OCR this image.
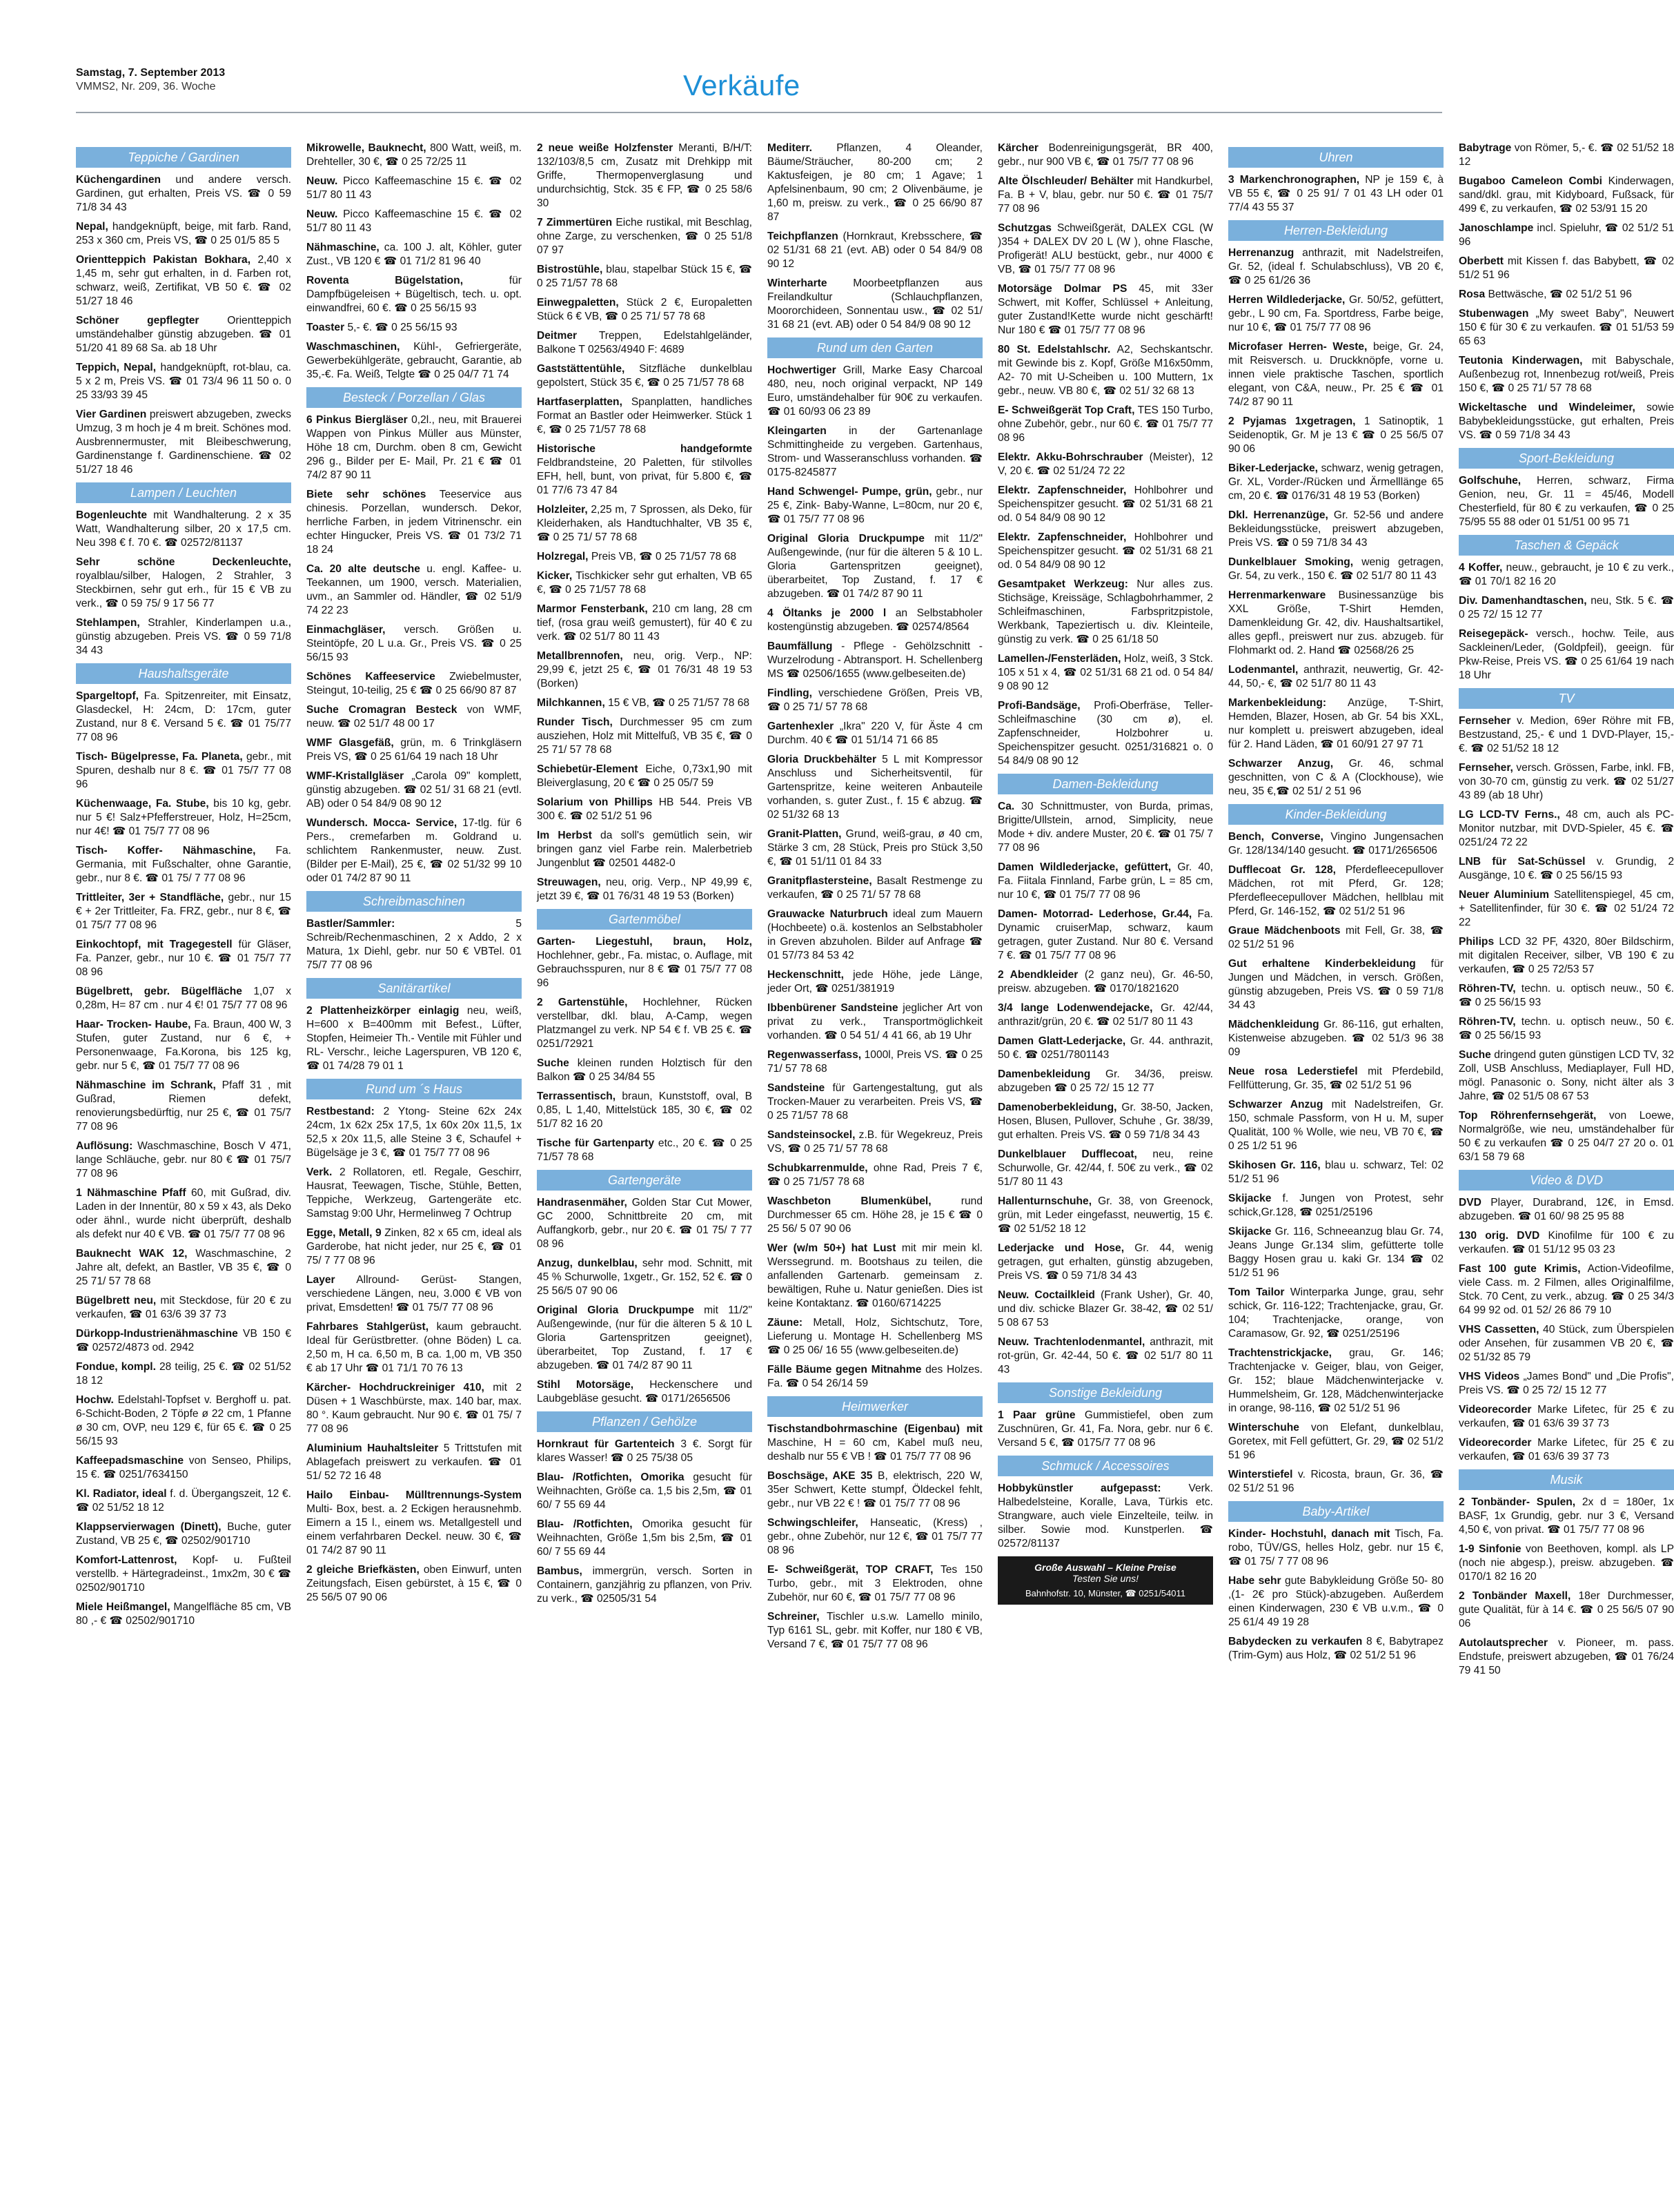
Samstag, 7. September 2013
VMMS2, Nr. 209, 36. Woche	Verkäufe
Teppiche / Gardinen
Küchengardinen und andere versch. Gardinen, gut erhalten, Preis VS. ☎ 0 59 71/8 34 43
Nepal, handgeknüpft, beige, mit farb. Rand, 253 x 360 cm, Preis VS, ☎ 0 25 01/5 85 5
Orientteppich Pakistan Bokhara, 2,40 x 1,45 m, sehr gut erhalten, in d. Farben rot, schwarz, weiß, Zertifikat, VB 50 €. ☎ 02 51/27 18 46
Schöner gepflegter Orientteppich umständehalber günstig abzugeben. ☎ 01 51/20 41 89 68 Sa. ab 18 Uhr
Teppich, Nepal, handgeknüpft, rot-blau, ca. 5 x 2 m, Preis VS. ☎ 01 73/4 96 11 50 o. 0 25 33/93 39 45
Vier Gardinen preiswert abzugeben, zwecks Umzug, 3 m hoch je 4 m breit. Schönes mod. Ausbrennermuster, mit Bleibeschwerung, Gardinenstange f. Gardinenschiene. ☎ 02 51/27 18 46
Lampen / Leuchten
Bogenleuchte mit Wandhalterung. 2 x 35 Watt, Wandhalterung silber, 20 x 17,5 cm. Neu 398 € f. 70 €. ☎ 02572/81137
Sehr schöne Deckenleuchte, royalblau/silber, Halogen, 2 Strahler, 3 Steckbirnen, sehr gut erh., für 15 € VB zu verk., ☎ 0 59 75/ 9 17 56 77
Stehlampen, Strahler, Kinderlampen u.a., günstig abzugeben. Preis VS. ☎ 0 59 71/8 34 43
Haushaltsgeräte
Spargeltopf, Fa. Spitzenreiter, mit Einsatz, Glasdeckel, H: 24cm, D: 17cm, guter Zustand, nur 8 €. Versand 5 €. ☎ 01 75/77 77 08 96
Tisch- Bügelpresse, Fa. Planeta, gebr., mit Spuren, deshalb nur 8 €. ☎ 01 75/7 77 08 96
Küchenwaage, Fa. Stube, bis 10 kg, gebr. nur 5 €! Salz+Pfefferstreuer, Holz, H=25cm, nur 4€! ☎ 01 75/7 77 08 96
Tisch- Koffer- Nähmaschine, Fa. Germania, mit Fußschalter, ohne Garantie, gebr., nur 8 €. ☎ 01 75/ 7 77 08 96
Trittleiter, 3er + Standfläche, gebr., nur 15 € + 2er Trittleiter, Fa. FRZ, gebr., nur 8 €, ☎ 01 75/7 77 08 96
Einkochtopf, mit Tragegestell für Gläser, Fa. Panzer, gebr., nur 10 €. ☎ 01 75/7 77 08 96
Bügelbrett, gebr. Bügelfläche 1,07 x 0,28m, H= 87 cm . nur 4 €! 01 75/7 77 08 96
Haar- Trocken- Haube, Fa. Braun, 400 W, 3 Stufen, guter Zustand, nur 6 €, + Personenwaage, Fa.Korona, bis 125 kg, gebr. nur 5 €, ☎ 01 75/7 77 08 96
Nähmaschine im Schrank, Pfaff 31 , mit Gußrad, Riemen defekt, renovierungsbedürftig, nur 25 €, ☎ 01 75/7 77 08 96
Auflösung: Waschmaschine, Bosch V 471, lange Schläuche, gebr. nur 80 € ☎ 01 75/7 77 08 96
1 Nähmaschine Pfaff 60, mit Gußrad, div. Laden in der Innentür, 80 x 59 x 43, als Deko oder ähnl., wurde nicht überprüft, deshalb als defekt nur 40 € VB. ☎ 01 75/7 77 08 96
Bauknecht WAK 12, Waschmaschine, 2 Jahre alt, defekt, an Bastler, VB 35 €, ☎ 0 25 71/ 57 78 68
Bügelbrett neu, mit Steckdose, für 20 € zu verkaufen, ☎ 01 63/6 39 37 73
Dürkopp-Industrienähmaschine VB 150 € ☎ 02572/4873 od. 2942
Fondue, kompl. 28 teilig, 25 €. ☎ 02 51/52 18 12
Hochw. Edelstahl-Topfset v. Berghoff u. pat. 6-Schicht-Boden, 2 Töpfe ø 22 cm, 1 Pfanne ø 30 cm, OVP, neu 129 €, für 65 €. ☎ 0 25 56/15 93
Kaffeepadsmaschine von Senseo, Philips, 15 €. ☎ 0251/7634150
Kl. Radiator, ideal f. d. Übergangszeit, 12 €. ☎ 02 51/52 18 12
Klappservierwagen (Dinett), Buche, guter Zustand, VB 25 €, ☎ 02502/901710
Komfort-Lattenrost, Kopf- u. Fußteil verstellb. + Härtegradeinst., 1mx2m, 30 € ☎ 02502/901710
Miele Heißmangel, Mangelfläche 85 cm, VB 80 ,- € ☎ 02502/901710
Mikrowelle, Bauknecht, 800 Watt, weiß, m. Drehteller, 30 €, ☎ 0 25 72/25 11
Neuw. Picco Kaffeemaschine 15 €. ☎ 02 51/7 80 11 43
Neuw. Picco Kaffeemaschine 15 €. ☎ 02 51/7 80 11 43
Nähmaschine, ca. 100 J. alt, Köhler, guter Zust., VB 120 € ☎ 01 71/2 81 96 40
Roventa Bügelstation, für Dampfbügeleisen + Bügeltisch, tech. u. opt. einwandfrei, 60 €. ☎ 0 25 56/15 93
Toaster 5,- €. ☎ 0 25 56/15 93
Waschmaschinen, Kühl-, Gefriergeräte, Gewerbekühlgeräte, gebraucht, Garantie, ab 35,-€. Fa. Weiß, Telgte ☎ 0 25 04/7 71 74
Besteck / Porzellan / Glas
6 Pinkus Biergläser 0,2l., neu, mit Brauerei Wappen von Pinkus Müller aus Münster, Höhe 18 cm, Durchm. oben 8 cm, Gewicht 296 g., Bilder per E- Mail, Pr. 21 € ☎ 01 74/2 87 90 11
Biete sehr schönes Teeservice aus chinesis. Porzellan, wundersch. Dekor, herrliche Farben, in jedem Vitrinenschr. ein echter Hingucker, Preis VS. ☎ 01 73/2 71 18 24
Ca. 20 alte deutsche u. engl. Kaffee- u. Teekannen, um 1900, versch. Materialien, uvm., an Sammler od. Händler, ☎ 02 51/9 74 22 23
Einmachgläser, versch. Größen u. Steintöpfe, 20 L u.a. Gr., Preis VS. ☎ 0 25 56/15 93
Schönes Kaffeeservice Zwiebelmuster, Steingut, 10-teilig, 25 € ☎ 0 25 66/90 87 87
Suche Cromagran Besteck von WMF, neuw. ☎ 02 51/7 48 00 17
WMF Glasgefäß, grün, m. 6 Trinkgläsern Preis VS, ☎ 0 25 61/64 19 nach 18 Uhr
WMF-Kristallgläser „Carola 09" komplett, günstig abzugeben. ☎ 02 51/ 31 68 21 (evtl. AB) oder 0 54 84/9 08 90 12
Wundersch. Mocca- Service, 17-tlg. für 6 Pers., cremefarben m. Goldrand u. schlichtem Rankenmuster, neuw. Zust. (Bilder per E-Mail), 25 €, ☎ 02 51/32 99 10 oder 01 74/2 87 90 11
Schreibmaschinen
Bastler/Sammler: 5 Schreib/Rechenmaschinen, 2 x Addo, 2 x Matura, 1x Diehl, gebr. nur 50 € VBTel. 01 75/7 77 08 96
Sanitärartikel
2 Plattenheizkörper einlagig neu, weiß, H=600 x B=400mm mit Befest., Lüfter, Stopfen, Heimeier Th.- Ventile mit Fühler und RL- Verschr., leiche Lagerspuren, VB 120 €, ☎ 01 74/28 79 01 1
Rund um ´s Haus
Restbestand: 2 Ytong- Steine 62x 24x 24cm, 1x 62x 25x 17,5, 1x 60x 20x 11,5, 1x 52,5 x 20x 11,5, alle Steine 3 €, Schaufel + Bügelsäge je 3 €, ☎ 01 75/7 77 08 96
Verk. 2 Rollatoren, etl. Regale, Geschirr, Hausrat, Teewagen, Tische, Stühle, Betten, Teppiche, Werkzeug, Gartengeräte etc. Samstag 9:00 Uhr, Hermelinweg 7 Ochtrup
Egge, Metall, 9 Zinken, 82 x 65 cm, ideal als Garderobe, hat nicht jeder, nur 25 €, ☎ 01 75/ 7 77 08 96
Layer Allround- Gerüst- Stangen, verschiedene Längen, neu, 3.000 € VB von privat, Emsdetten! ☎ 01 75/7 77 08 96
Fahrbares Stahlgerüst, kaum gebraucht. Ideal für Gerüstbretter. (ohne Böden) L ca. 2,50 m, H ca. 6,50 m, B ca. 1,00 m, VB 350 € ab 17 Uhr ☎ 01 71/1 70 76 13
Kärcher- Hochdruckreiniger 410, mit 2 Düsen + 1 Waschbürste, max. 140 bar, max. 80 °. Kaum gebraucht. Nur 90 €. ☎ 01 75/ 7 77 08 96
Aluminium Hauhaltsleiter 5 Trittstufen mit Ablagefach preiswert zu verkaufen. ☎ 01 51/ 52 72 16 48
Hailo Einbau- Mülltrennungs-System Multi- Box, best. a. 2 Eckigen herausnehmb. Eimern a 15 l., einem ws. Metallgestell und einem verfahrbaren Deckel. neuw. 30 €, ☎ 01 74/2 87 90 11
2 gleiche Briefkästen, oben Einwurf, unten Zeitungsfach, Eisen gebürstet, à 15 €, ☎ 0 25 56/5 07 90 06
2 neue weiße Holzfenster Meranti, B/H/T: 132/103/8,5 cm, Zusatz mit Drehkipp mit Griffe, Thermopenverglasung und undurchsichtig, Stck. 35 € FP, ☎ 0 25 58/6 30
7 Zimmertüren Eiche rustikal, mit Beschlag, ohne Zarge, zu verschenken, ☎ 0 25 51/8 07 97
Bistrostühle, blau, stapelbar Stück 15 €, ☎ 0 25 71/57 78 68
Einwegpaletten, Stück 2 €, Europaletten Stück 6 € VB, ☎ 0 25 71/ 57 78 68
Deitmer Treppen, Edelstahlgeländer, Balkone T 02563/4940 F: 4689
Gaststättentühle, Sitzfläche dunkelblau gepolstert, Stück 35 €, ☎ 0 25 71/57 78 68
Hartfaserplatten, Spanplatten, handliches Format an Bastler oder Heimwerker. Stück 1 €, ☎ 0 25 71/57 78 68
Historische handgeformte Feldbrandsteine, 20 Paletten, für stilvolles EFH, hell, bunt, von privat, für 5.800 €, ☎ 01 77/6 73 47 84
Holzleiter, 2,25 m, 7 Sprossen, als Deko, für Kleiderhaken, als Handtuchhalter, VB 35 €, ☎ 0 25 71/ 57 78 68
Holzregal, Preis VB, ☎ 0 25 71/57 78 68
Kicker, Tischkicker sehr gut erhalten, VB 65 €, ☎ 0 25 71/57 78 68
Marmor Fensterbank, 210 cm lang, 28 cm tief, (rosa grau weiß gemustert), für 40 € zu verk. ☎ 02 51/7 80 11 43
Metallbrennofen, neu, orig. Verp., NP: 29,99 €, jetzt 25 €, ☎ 01 76/31 48 19 53 (Borken)
Milchkannen, 15 € VB, ☎ 0 25 71/57 78 68
Runder Tisch, Durchmesser 95 cm zum ausziehen, Holz mit Mittelfuß, VB 35 €, ☎ 0 25 71/ 57 78 68
Schiebetür-Element Eiche, 0,73x1,90 mit Bleiverglasung, 20 € ☎ 0 25 05/7 59
Solarium von Phillips HB 544. Preis VB 300 €. ☎ 02 51/2 51 96
Im Herbst da soll's gemütlich sein, wir bringen ganz viel Farbe rein. Malerbetrieb Jungenblut ☎ 02501 4482-0
Streuwagen, neu, orig. Verp., NP 49,99 €, jetzt 39 €, ☎ 01 76/31 48 19 53 (Borken)
Gartenmöbel
Garten- Liegestuhl, braun, Holz, Hochlehner, gebr., Fa. mistac, o. Auflage, mit Gebrauchsspuren, nur 8 € ☎ 01 75/7 77 08 96
2 Gartenstühle, Hochlehner, Rücken verstellbar, dkl. blau, A-Camp, wegen Platzmangel zu verk. NP 54 € f. VB 25 €. ☎ 0251/72921
Suche kleinen runden Holztisch für den Balkon ☎ 0 25 34/84 55
Terrassentisch, braun, Kunststoff, oval, B 0,85, L 1,40, Mittelstück 185, 30 €, ☎ 02 51/7 82 16 20
Tische für Gartenparty etc., 20 €. ☎ 0 25 71/57 78 68
Gartengeräte
Handrasenmäher, Golden Star Cut Mower, GC 2000, Schnittbreite 20 cm, mit Auffangkorb, gebr., nur 20 €. ☎ 01 75/ 7 77 08 96
Anzug, dunkelblau, sehr mod. Schnitt, mit 45 % Schurwolle, 1xgetr., Gr. 152, 52 €. ☎ 0 25 56/5 07 90 06
Original Gloria Druckpumpe mit 11/2" Außengewinde, (nur für die älteren 5 & 10 L Gloria Gartenspritzen geeignet), überarbeitet, Top Zustand, f. 17 € abzugeben. ☎ 01 74/2 87 90 11
Stihl Motorsäge, Heckenschere und Laubgebläse gesucht. ☎ 0171/2656506
Pflanzen / Gehölze
Hornkraut für Gartenteich 3 €. Sorgt für klares Wasser! ☎ 0 25 75/38 05
Blau- /Rotfichten, Omorika gesucht für Weihnachten, Größe ca. 1,5 bis 2,5m, ☎ 01 60/ 7 55 69 44
Blau- /Rotfichten, Omorika gesucht für Weihnachten, Größe 1,5m bis 2,5m, ☎ 01 60/ 7 55 69 44
Bambus, immergrün, versch. Sorten in Containern, ganzjährig zu pflanzen, von Priv. zu verk., ☎ 02505/31 54
Mediterr. Pflanzen, 4 Oleander, Bäume/Sträucher, 80-200 cm; 2 Kaktusfeigen, je 80 cm; 1 Agave; 1 Apfelsinenbaum, 90 cm; 2 Olivenbäume, je 1,60 m, preisw. zu verk., ☎ 0 25 66/90 87 87
Teichpflanzen (Hornkraut, Krebsschere, ☎ 02 51/31 68 21 (evt. AB) oder 0 54 84/9 08 90 12
Winterharte Moorbeetpflanzen aus Freilandkultur (Schlauchpflanzen, Moororchideen, Sonnentau usw., ☎ 02 51/ 31 68 21 (evt. AB) oder 0 54 84/9 08 90 12
Rund um den Garten
Hochwertiger Grill, Marke Easy Charcoal 480, neu, noch original verpackt, NP 149 Euro, umständehalber für 90€ zu verkaufen. ☎ 01 60/93 06 23 89
Kleingarten in der Gartenanlage Schmittingheide zu vergeben. Gartenhaus, Strom- und Wasseranschluss vorhanden. ☎ 0175-8245877
Hand Schwengel- Pumpe, grün, gebr., nur 25 €, Zink- Baby-Wanne, L=80cm, nur 20 €, ☎ 01 75/7 77 08 96
Original Gloria Druckpumpe mit 11/2" Außengewinde, (nur für die älteren 5 & 10 L. Gloria Gartenspritzen geeignet), überarbeitet, Top Zustand, f. 17 € abzugeben. ☎ 01 74/2 87 90 11
4 Öltanks je 2000 l an Selbstabholer kostengünstig abzugeben. ☎ 02574/8564
Baumfällung - Pflege - Gehölzschnitt - Wurzelrodung - Abtransport. H. Schellenberg MS ☎ 02506/1655 (www.gelbeseiten.de)
Findling, verschiedene Größen, Preis VB, ☎ 0 25 71/ 57 78 68
Gartenhexler „Ikra" 220 V, für Äste 4 cm Durchm. 40 € ☎ 01 51/14 71 66 85
Gloria Druckbehälter 5 L mit Kompressor Anschluss und Sicherheitsventil, für Gartenspritze, keine weiteren Anbauteile vorhanden, s. guter Zust., f. 15 € abzug. ☎ 02 51/32 68 13
Granit-Platten, Grund, weiß-grau, ø 40 cm, Stärke 3 cm, 28 Stück, Preis pro Stück 3,50 €, ☎ 01 51/11 01 84 33
Granitpflastersteine, Basalt Restmenge zu verkaufen, ☎ 0 25 71/ 57 78 68
Grauwacke Naturbruch ideal zum Mauern (Hochbeete) o.ä. kostenlos an Selbstabholer in Greven abzuholen. Bilder auf Anfrage ☎ 01 57/73 84 53 42
Heckenschnitt, jede Höhe, jede Länge, jeder Ort, ☎ 0251/381919
Ibbenbürener Sandsteine jeglicher Art von privat zu verk., Transportmöglichkeit vorhanden. ☎ 0 54 51/ 4 41 66, ab 19 Uhr
Regenwasserfass, 1000l, Preis VS. ☎ 0 25 71/ 57 78 68
Sandsteine für Gartengestaltung, gut als Trocken-Mauer zu verarbeiten. Preis VS, ☎ 0 25 71/57 78 68
Sandsteinsockel, z.B. für Wegekreuz, Preis VS, ☎ 0 25 71/ 57 78 68
Schubkarrenmulde, ohne Rad, Preis 7 €, ☎ 0 25 71/57 78 68
Waschbeton Blumenkübel, rund Durchmesser 65 cm. Höhe 28, je 15 € ☎ 0 25 56/ 5 07 90 06
Wer (w/m 50+) hat Lust mit mir mein kl. Werssegrund. m. Bootshaus zu teilen, die anfallenden Gartenarb. gemeinsam z. bewältigen, Ruhe u. Natur genießen. Dies ist keine Kontaktanz. ☎ 0160/6714225
Zäune: Metall, Holz, Sichtschutz, Tore, Lieferung u. Montage H. Schellenberg MS ☎ 0 25 06/ 16 55 (www.gelbeseiten.de)
Fälle Bäume gegen Mitnahme des Holzes. Fa. ☎ 0 54 26/14 59
Heimwerker
Tischstandbohrmaschine (Eigenbau) mit Maschine, H = 60 cm, Kabel muß neu, deshalb nur 55 € VB ! ☎ 01 75/7 77 08 96
Boschsäge, AKE 35 B, elektrisch, 220 W, 35er Schwert, Kette stumpf, Öldeckel fehlt, gebr., nur VB 22 € ! ☎ 01 75/7 77 08 96
Schwingschleifer, Hanseatic, (Kress) , gebr., ohne Zubehör, nur 12 €, ☎ 01 75/7 77 08 96
E- Schweißgerät, TOP CRAFT, Tes 150 Turbo, gebr., mit 3 Elektroden, ohne Zubehör, nur 60 €, ☎ 01 75/7 77 08 96
Schreiner, Tischler u.s.w. Lamello minilo, Typ 6161 SL, gebr. mit Koffer, nur 180 € VB, Versand 7 €, ☎ 01 75/7 77 08 96
Kärcher Bodenreinigungsgerät, BR 400, gebr., nur 900 VB €, ☎ 01 75/7 77 08 96
Alte Ölschleuder/ Behälter mit Handkurbel, Fa. B + V, blau, gebr. nur 50 €. ☎ 01 75/7 77 08 96
Schutzgas Schweißgerät, DALEX CGL (W )354 + DALEX DV 20 L (W ), ohne Flasche, Profigerät! ALU bestückt, gebr., nur 4000 € VB, ☎ 01 75/7 77 08 96
Motorsäge Dolmar PS 45, mit 33er Schwert, mit Koffer, Schlüssel + Anleitung, guter Zustand!Kette wurde nicht geschärft! Nur 180 € ☎ 01 75/7 77 08 96
80 St. Edelstahlschr. A2, Sechskantschr. mit Gewinde bis z. Kopf, Größe M16x50mm, A2- 70 mit U-Scheiben u. 100 Muttern, 1x gebr., neuw. VB 80 €, ☎ 02 51/ 32 68 13
E- Schweißgerät Top Craft, TES 150 Turbo, ohne Zubehör, gebr., nur 60 €. ☎ 01 75/7 77 08 96
Elektr. Akku-Bohrschrauber (Meister), 12 V, 20 €. ☎ 02 51/24 72 22
Elektr. Zapfenschneider, Hohlbohrer und Speichenspitzer gesucht. ☎ 02 51/31 68 21 od. 0 54 84/9 08 90 12
Elektr. Zapfenschneider, Hohlbohrer und Speichenspitzer gesucht. ☎ 02 51/31 68 21 od. 0 54 84/9 08 90 12
Gesamtpaket Werkzeug: Nur alles zus. Stichsäge, Kreissäge, Schlagbohrhammer, 2 Schleifmaschinen, Farbspritzpistole, Werkbank, Tapeziertisch u. div. Kleinteile, günstig zu verk. ☎ 0 25 61/18 50
Lamellen-/Fensterläden, Holz, weiß, 3 Stck. 105 x 51 x 4, ☎ 02 51/31 68 21 od. 0 54 84/ 9 08 90 12
Profi-Bandsäge, Profi-Oberfräse, Teller-Schleifmaschine (30 cm ø), el. Zapfenschneider, Holzbohrer u. Speichenspitzer gesucht. 0251/316821 o. 0 54 84/9 08 90 12
Damen-Bekleidung
Ca. 30 Schnittmuster, von Burda, primas, Brigitte/Ullstein, arnod, Simplicity, neue Mode + div. andere Muster, 20 €. ☎ 01 75/ 7 77 08 96
Damen Wildlederjacke, gefüttert, Gr. 40, Fa. Fiitala Finnland, Farbe grün, L = 85 cm, nur 10 €, ☎ 01 75/7 77 08 96
Damen- Motorrad- Lederhose, Gr.44, Fa. Dynamic cruiserMap, schwarz, kaum getragen, guter Zustand. Nur 80 €. Versand 7 €. ☎ 01 75/7 77 08 96
2 Abendkleider (2 ganz neu), Gr. 46-50, preisw. abzugeben. ☎ 0170/1821620
3/4 lange Lodenwendejacke, Gr. 42/44, anthrazit/grün, 20 €. ☎ 02 51/7 80 11 43
Damen Glatt-Lederjacke, Gr. 44. anthrazit, 50 €. ☎ 0251/7801143
Damenbekleidung Gr. 34/36, preisw. abzugeben ☎ 0 25 72/ 15 12 77
Damenoberbekleidung, Gr. 38-50, Jacken, Hosen, Blusen, Pullover, Schuhe , Gr. 38/39, gut erhalten. Preis VS. ☎ 0 59 71/8 34 43
Dunkelblauer Dufflecoat, neu, reine Schurwolle, Gr. 42/44, f. 50€ zu verk., ☎ 02 51/7 80 11 43
Hallenturnschuhe, Gr. 38, von Greenock, grün, mit Leder eingefasst, neuwertig, 15 €. ☎ 02 51/52 18 12
Lederjacke und Hose, Gr. 44, wenig getragen, gut erhalten, günstig abzugeben, Preis VS. ☎ 0 59 71/8 34 43
Neuw. Coctailkleid (Frank Usher), Gr. 40, und div. schicke Blazer Gr. 38-42, ☎ 02 51/ 5 08 67 53
Neuw. Trachtenlodenmantel, anthrazit, mit rot-grün, Gr. 42-44, 50 €. ☎ 02 51/7 80 11 43
Sonstige Bekleidung
1 Paar grüne Gummistiefel, oben zum Zuschnüren, Gr. 41, Fa. Nora, gebr. nur 6 €. Versand 5 €, ☎ 0175/7 77 08 96
Schmuck / Accessoires
Hobbykünstler aufgepasst: Verk. Halbedelsteine, Koralle, Lava, Türkis etc. Strangware, auch viele Einzelteile, teilw. in silber. Sowie mod. Kunstperlen. ☎ 02572/81137
Große Auswahl – Kleine Preise
Testen Sie uns!
Bahnhofstr. 10, Münster, ☎ 0251/54011
Uhren
3 Markenchronographen, NP je 159 €, à VB 55 €, ☎ 0 25 91/ 7 01 43 LH oder 01 77/4 43 55 37
Herren-Bekleidung
Herrenanzug anthrazit, mit Nadelstreifen, Gr. 52, (ideal f. Schulabschluss), VB 20 €, ☎ 0 25 61/26 36
Herren Wildlederjacke, Gr. 50/52, gefüttert, gebr., L 90 cm, Fa. Sportdress, Farbe beige, nur 10 €, ☎ 01 75/7 77 08 96
Microfaser Herren- Weste, beige, Gr. 24, mit Reisversch. u. Druckknöpfe, vorne u. innen viele praktische Taschen, sportlich elegant, von C&A, neuw., Pr. 25 € ☎ 01 74/2 87 90 11
2 Pyjamas 1xgetragen, 1 Satinoptik, 1 Seidenoptik, Gr. M je 13 € ☎ 0 25 56/5 07 90 06
Biker-Lederjacke, schwarz, wenig getragen, Gr. XL, Vorder-/Rücken und Ärmelllänge 65 cm, 20 €. ☎ 0176/31 48 19 53 (Borken)
Dkl. Herrenanzüge, Gr. 52-56 und andere Bekleidungsstücke, preiswert abzugeben, Preis VS. ☎ 0 59 71/8 34 43
Dunkelblauer Smoking, wenig getragen, Gr. 54, zu verk., 150 €. ☎ 02 51/7 80 11 43
Herrenmarkenware Businessanzüge bis XXL Größe, T-Shirt Hemden, Damenkleidung Gr. 42, div. Haushaltsartikel, alles gepfl., preiswert nur zus. abzugeb. für Flohmarkt od. 2. Hand ☎ 02568/26 25
Lodenmantel, anthrazit, neuwertig, Gr. 42-44, 50,- €, ☎ 02 51/7 80 11 43
Markenbekleidung: Anzüge, T-Shirt, Hemden, Blazer, Hosen, ab Gr. 54 bis XXL, nur komplett u. preiswert abzugeben, ideal für 2. Hand Läden, ☎ 01 60/91 27 97 71
Schwarzer Anzug, Gr. 46, schmal geschnitten, von C & A (Clockhouse), wie neu, 35 €,☎ 02 51/ 2 51 96
Kinder-Bekleidung
Bench, Converse, Vingino Jungensachen Gr. 128/134/140 gesucht. ☎ 0171/2656506
Dufflecoat Gr. 128, Pferdefleecepullover Mädchen, rot mit Pferd, Gr. 128; Pferdefleecepullover Mädchen, hellblau mit Pferd, Gr. 146-152, ☎ 02 51/2 51 96
Graue Mädchenboots mit Fell, Gr. 38, ☎ 02 51/2 51 96
Gut erhaltene Kinderbekleidung für Jungen und Mädchen, in versch. Größen, günstig abzugeben, Preis VS. ☎ 0 59 71/8 34 43
Mädchenkleidung Gr. 86-116, gut erhalten, Kistenweise abzugeben. ☎ 02 51/3 96 38 09
Neue rosa Lederstiefel mit Pferdebild, Fellfütterung, Gr. 35, ☎ 02 51/2 51 96
Schwarzer Anzug mit Nadelstreifen, Gr. 150, schmale Passform, von H u. M, super Qualität, 100 % Wolle, wie neu, VB 70 €, ☎ 0 25 1/2 51 96
Skihosen Gr. 116, blau u. schwarz, Tel: 02 51/2 51 96
Skijacke f. Jungen von Protest, sehr schick,Gr.128, ☎ 0251/25196
Skijacke Gr. 116, Schneeanzug blau Gr. 74, Jeans Junge Gr.134 slim, gefütterte tolle Baggy Hosen grau u. kaki Gr. 134 ☎ 02 51/2 51 96
Tom Tailor Winterparka Junge, grau, sehr schick, Gr. 116-122; Trachtenjacke, grau, Gr. 104; Trachtenjacke, orange, von Caramasow, Gr. 92, ☎ 0251/25196
Trachtenstrickjacke, grau, Gr. 146; Trachtenjacke v. Geiger, blau, von Geiger, Gr. 152; blaue Mädchenwinterjacke v. Hummelsheim, Gr. 128, Mädchenwinterjacke in orange, 98-116, ☎ 02 51/2 51 96
Winterschuhe von Elefant, dunkelblau, Goretex, mit Fell gefüttert, Gr. 29, ☎ 02 51/2 51 96
Winterstiefel v. Ricosta, braun, Gr. 36, ☎ 02 51/2 51 96
Baby-Artikel
Kinder- Hochstuhl, danach mit Tisch, Fa. robo, TÜV/GS, helles Holz, gebr. nur 15 €, ☎ 01 75/ 7 77 08 96
Habe sehr gute Babykleidung Größe 50- 80 ,(1- 2€ pro Stück)-abzugeben. Außerdem einen Kinderwagen, 230 € VB u.v.m., ☎ 0 25 61/4 49 19 28
Babydecken zu verkaufen 8 €, Babytrapez (Trim-Gym) aus Holz, ☎ 02 51/2 51 96
Babytrage von Römer, 5,- €. ☎ 02 51/52 18 12
Bugaboo Cameleon Combi Kinderwagen, sand/dkl. grau, mit Kidyboard, Fußsack, für 499 €, zu verkaufen, ☎ 02 53/91 15 20
Janoschlampe incl. Spieluhr, ☎ 02 51/2 51 96
Oberbett mit Kissen f. das Babybett, ☎ 02 51/2 51 96
Rosa Bettwäsche, ☎ 02 51/2 51 96
Stubenwagen „My sweet Baby", Neuwert 150 € für 30 € zu verkaufen. ☎ 01 51/53 59 65 63
Teutonia Kinderwagen, mit Babyschale, Außenbezug rot, Innenbezug rot/weiß, Preis 150 €, ☎ 0 25 71/ 57 78 68
Wickeltasche und Windeleimer, sowie Babybekleidungsstücke, gut erhalten, Preis VS. ☎ 0 59 71/8 34 43
Sport-Bekleidung
Golfschuhe, Herren, schwarz, Firma Genion, neu, Gr. 11 = 45/46, Modell Chesterfield, für 80 € zu verkaufen, ☎ 0 25 75/95 55 88 oder 01 51/51 00 95 71
Taschen & Gepäck
4 Koffer, neuw., gebraucht, je 10 € zu verk., ☎ 01 70/1 82 16 20
Div. Damenhandtaschen, neu, Stk. 5 €. ☎ 0 25 72/ 15 12 77
Reisegepäck- versch., hochw. Teile, aus Sackleinen/Leder, (Goldpfeil), geeign. für Pkw-Reise, Preis VS. ☎ 0 25 61/64 19 nach 18 Uhr
TV
Fernseher v. Medion, 69er Röhre mit FB, Bestzustand, 25,- € und 1 DVD-Player, 15,- €. ☎ 02 51/52 18 12
Fernseher, versch. Grössen, Farbe, inkl. FB, von 30-70 cm, günstig zu verk. ☎ 02 51/27 43 89 (ab 18 Uhr)
LG LCD-TV Ferns., 48 cm, auch als PC-Monitor nutzbar, mit DVD-Spieler, 45 €. ☎ 0251/24 72 22
LNB für Sat-Schüssel v. Grundig, 2 Ausgänge, 10 €. ☎ 0 25 56/15 93
Neuer Aluminium Satellitenspiegel, 45 cm, + Satellitenfinder, für 30 €. ☎ 02 51/24 72 22
Philips LCD 32 PF, 4320, 80er Bildschirm, mit digitalen Receiver, silber, VB 190 € zu verkaufen, ☎ 0 25 72/53 57
Röhren-TV, techn. u. optisch neuw., 50 €. ☎ 0 25 56/15 93
Röhren-TV, techn. u. optisch neuw., 50 €. ☎ 0 25 56/15 93
Suche dringend guten günstigen LCD TV, 32 Zoll, USB Anschluss, Mediaplayer, Full HD, mögl. Panasonic o. Sony, nicht älter als 3 Jahre, ☎ 02 51/5 08 67 53
Top Röhrenfernsehgerät, von Loewe, Normalgröße, wie neu, umständehalber für 50 € zu verkaufen ☎ 0 25 04/7 27 20 o. 01 63/1 58 79 68
Video & DVD
DVD Player, Durabrand, 12€, in Emsd. abzugeben. ☎ 01 60/ 98 25 95 88
130 orig. DVD Kinofilme für 100 € zu verkaufen. ☎ 01 51/12 95 03 23
Fast 100 gute Krimis, Action-Videofilme, viele Cass. m. 2 Filmen, alles Originalfilme, Stck. 70 Cent, zu verk., abzug. ☎ 0 25 34/3 64 99 92 od. 01 52/ 26 86 79 10
VHS Cassetten, 40 Stück, zum Überspielen oder Ansehen, für zusammen VB 20 €, ☎ 02 51/32 85 79
VHS Videos „James Bond" und „Die Profis", Preis VS. ☎ 0 25 72/ 15 12 77
Videorecorder Marke Lifetec, für 25 € zu verkaufen, ☎ 01 63/6 39 37 73
Videorecorder Marke Lifetec, für 25 € zu verkaufen, ☎ 01 63/6 39 37 73
Musik
2 Tonbänder- Spulen, 2x d = 180er, 1x BASF, 1x Grundig, gebr. nur 3 €, Versand 4,50 €, von privat. ☎ 01 75/7 77 08 96
1-9 Sinfonie von Beethoven, kompl. als LP (noch nie abgesp.), preisw. abzugeben. ☎ 0170/1 82 16 20
2 Tonbänder Maxell, 18er Durchmesser, gute Qualität, für à 14 €. ☎ 0 25 56/5 07 90 06
Autolautsprecher v. Pioneer, m. pass. Endstufe, preiswert abzugeben, ☎ 01 76/24 79 41 50
